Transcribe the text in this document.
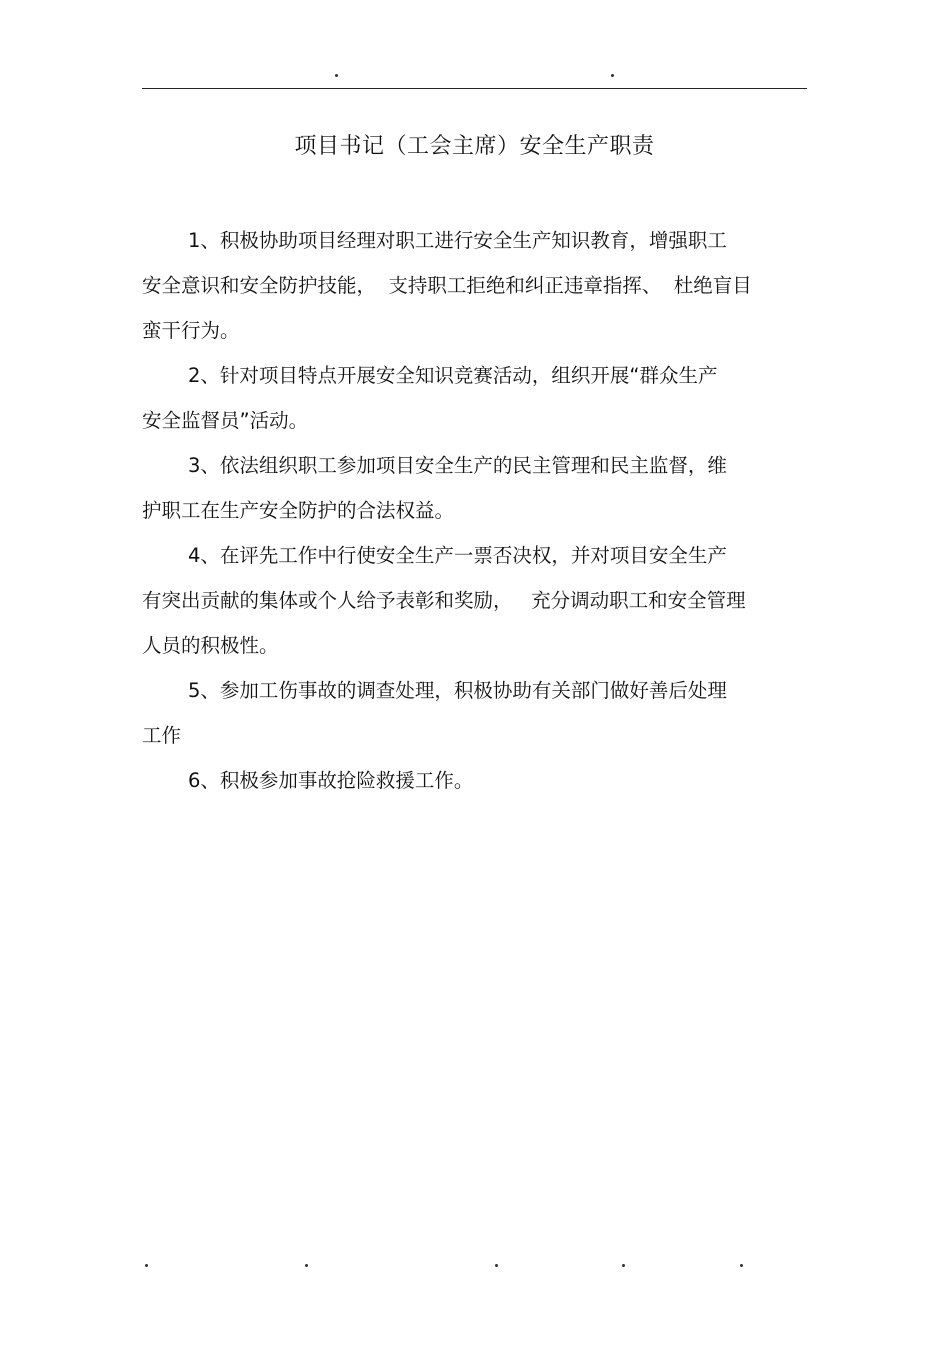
项目书记（工会主席）安全生产职责
1、积极协助项目经理对职工进行安全生产知识教育，增强职工
安全意识和安全防护技能，  支持职工拒绝和纠正违章指挥、  杜绝盲目
蛮干行为。
2、针对项目特点开展安全知识竞赛活动，组织开展“群众生产
安全监督员”活动。
3、依法组织职工参加项目安全生产的民主管理和民主监督，维
护职工在生产安全防护的合法权益。
4、在评先工作中行使安全生产一票否决权，并对项目安全生产
有突出贡献的集体或个人给予表彰和奖励，   充分调动职工和安全管理
人员的积极性。
5、参加工伤事故的调查处理，积极协助有关部门做好善后处理
工作
6、积极参加事故抢险救援工作。
